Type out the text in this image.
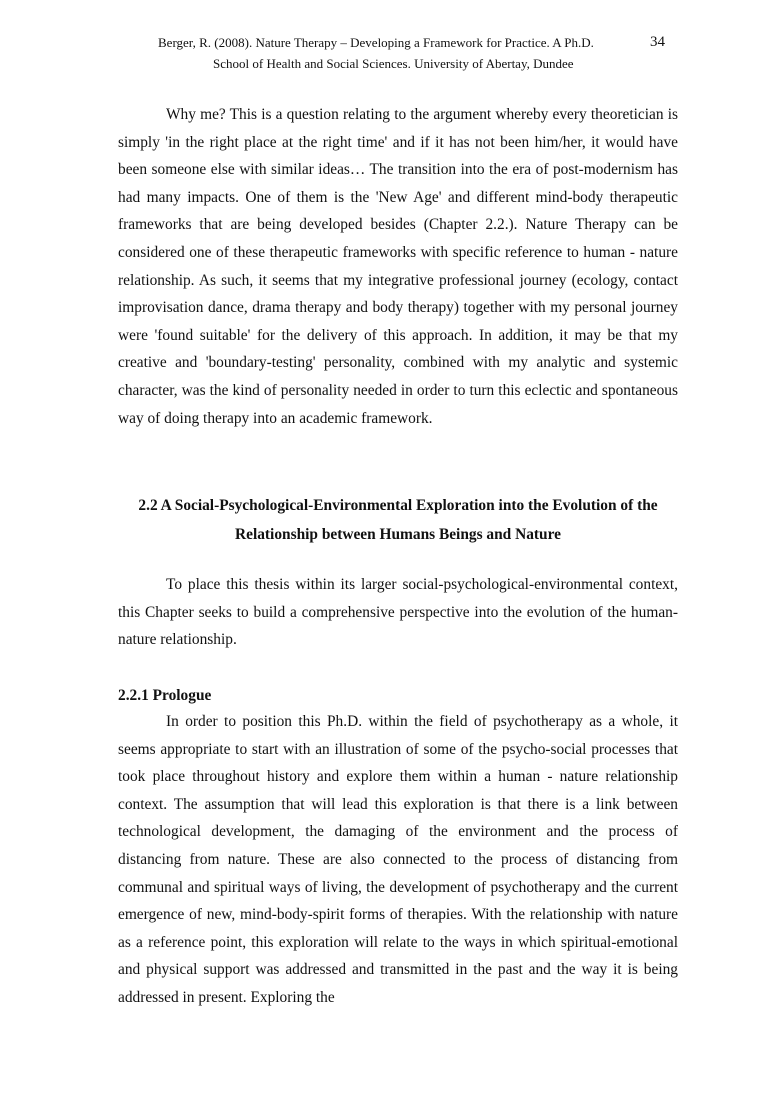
Berger, R. (2008). Nature Therapy – Developing a Framework for Practice. A Ph.D.	34
School of Health and Social Sciences. University of Abertay, Dundee

Why me? This is a question relating to the argument whereby every theoretician is simply 'in the right place at the right time' and if it has not been him/her, it would have been someone else with similar ideas… The transition into the era of post-modernism has had many impacts. One of them is the 'New Age' and different mind-body therapeutic frameworks that are being developed besides (Chapter 2.2.). Nature Therapy can be considered one of these therapeutic frameworks with specific reference to human - nature relationship. As such, it seems that my integrative professional journey (ecology, contact improvisation dance, drama therapy and body therapy) together with my personal journey were 'found suitable' for the delivery of this approach. In addition, it may be that my creative and 'boundary-testing' personality, combined with my analytic and systemic character, was the kind of personality needed in order to turn this eclectic and spontaneous way of doing therapy into an academic framework.

2.2 A Social-Psychological-Environmental Exploration into the Evolution of the Relationship between Humans Beings and Nature

To place this thesis within its larger social-psychological-environmental context, this Chapter seeks to build a comprehensive perspective into the evolution of the human-nature relationship.

2.2.1 Prologue

In order to position this Ph.D. within the field of psychotherapy as a whole, it seems appropriate to start with an illustration of some of the psycho-social processes that took place throughout history and explore them within a human - nature relationship context. The assumption that will lead this exploration is that there is a link between technological development, the damaging of the environment and the process of distancing from nature. These are also connected to the process of distancing from communal and spiritual ways of living, the development of psychotherapy and the current emergence of new, mind-body-spirit forms of therapies. With the relationship with nature as a reference point, this exploration will relate to the ways in which spiritual-emotional and physical support was addressed and transmitted in the past and the way it is being addressed in present. Exploring the
